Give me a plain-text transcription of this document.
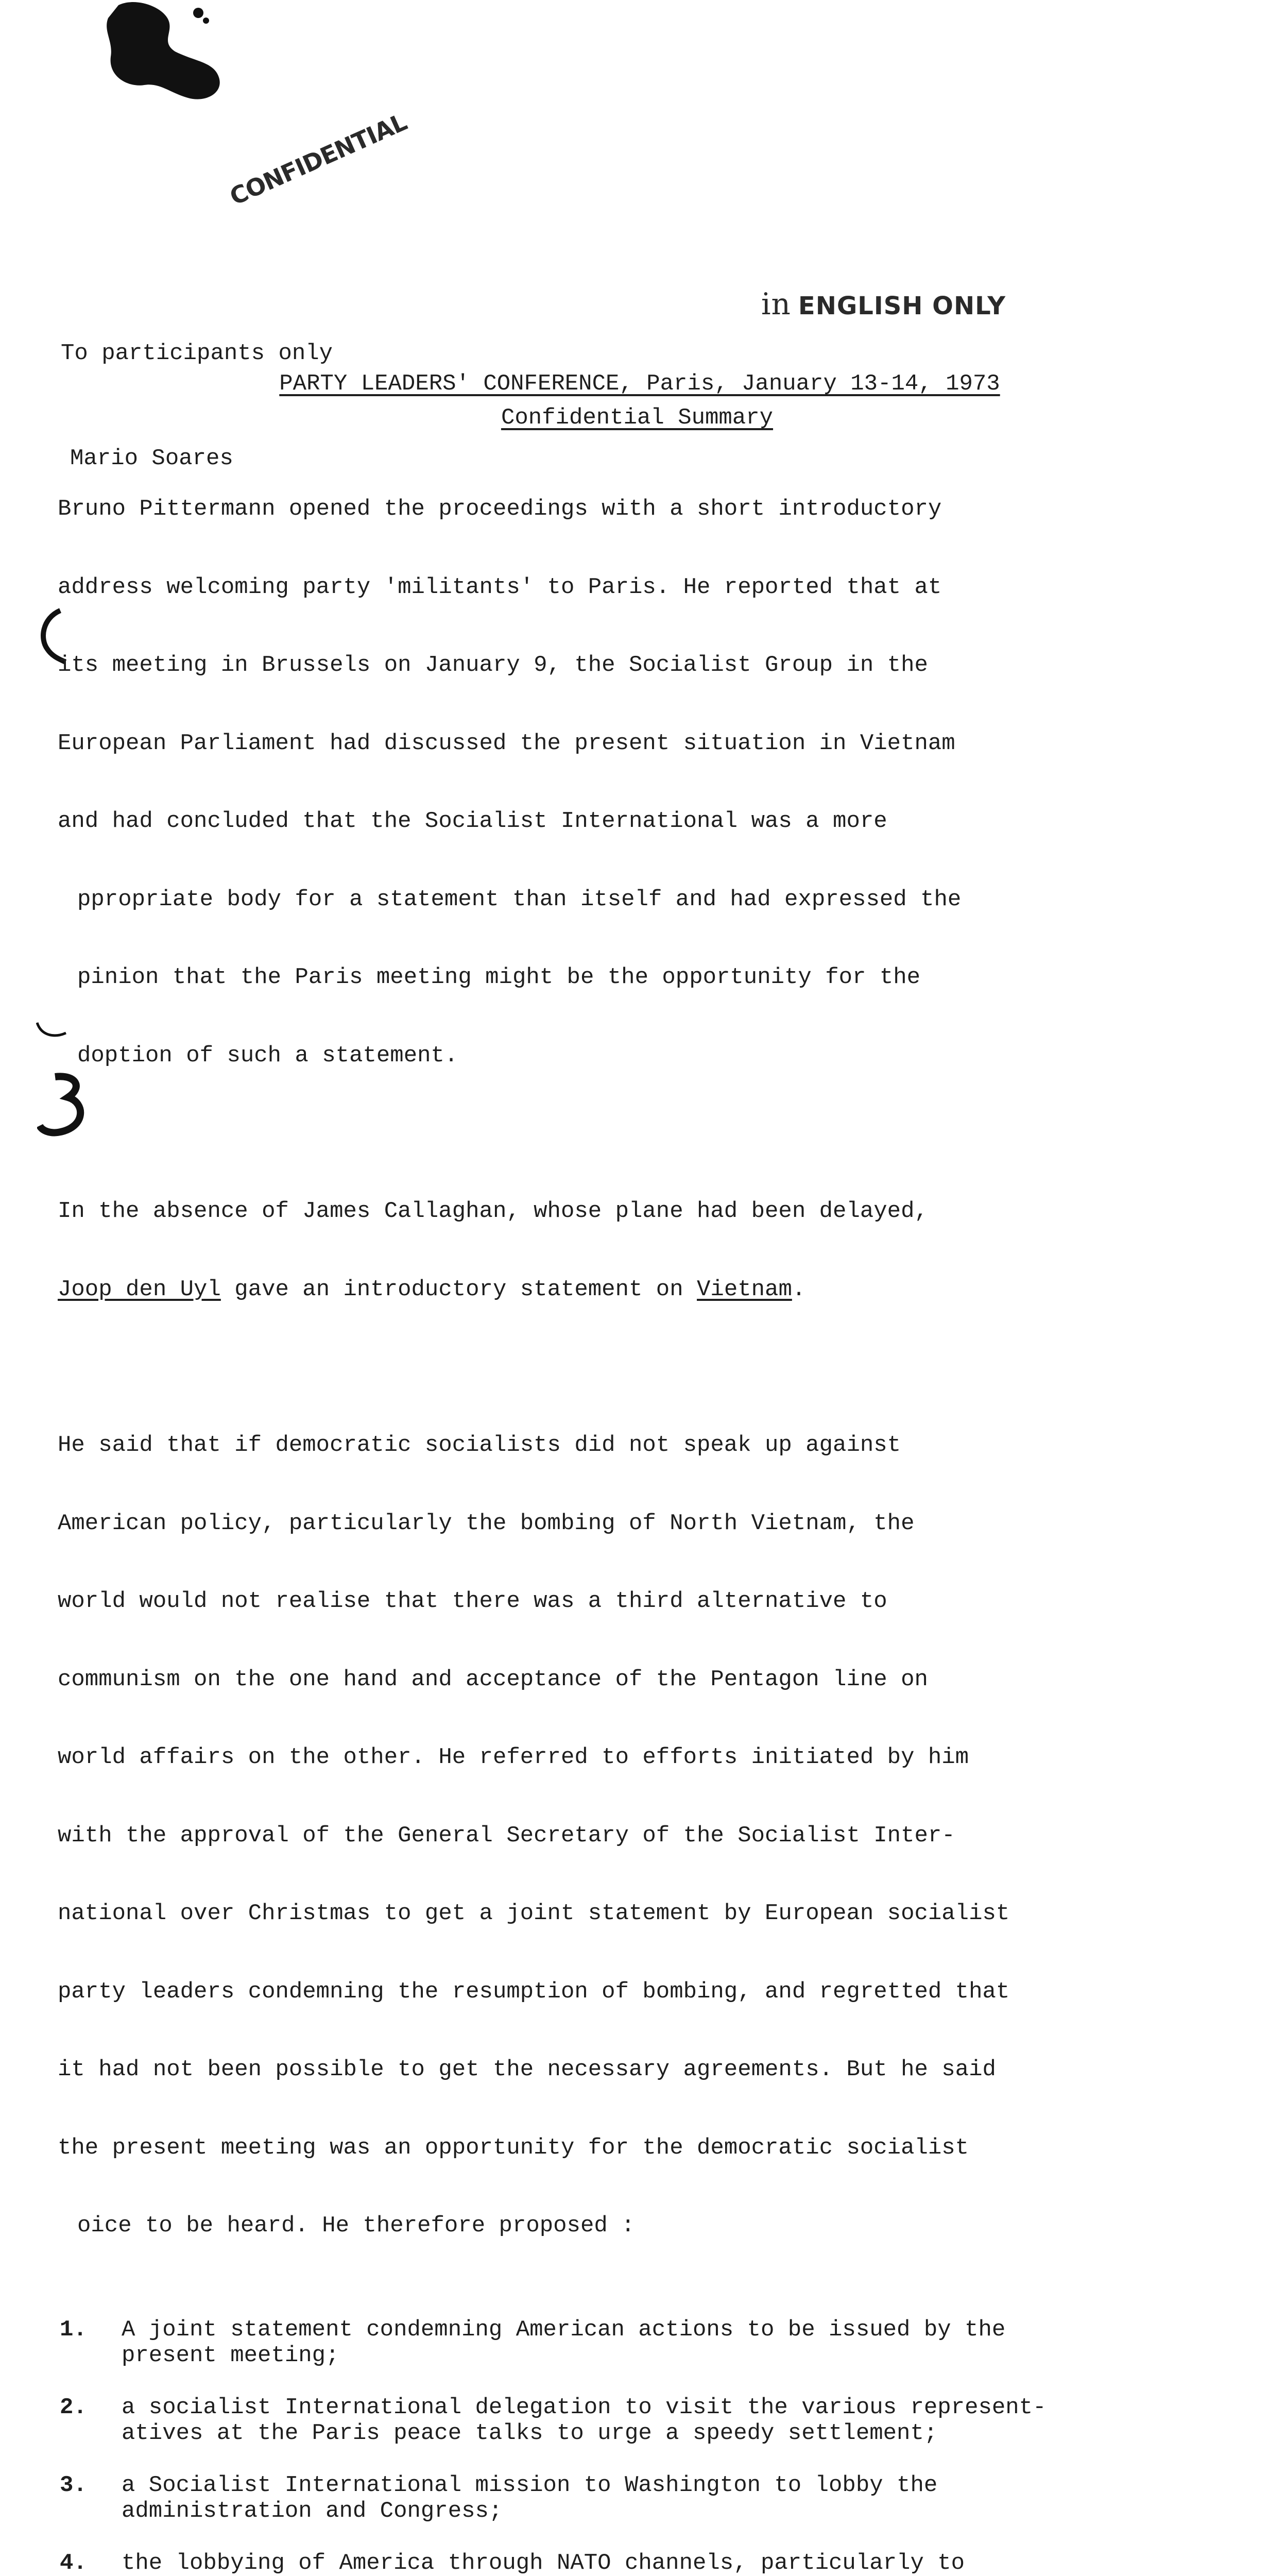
CONFIDENTIAL
in ENGLISH ONLY

To participants only

Mario Soares

PARTY LEADERS' CONFERENCE, Paris, January 13-14, 1973
Confidential Summary

Bruno Pittermann opened the proceedings with a short introductory

address welcoming party 'militants' to Paris. He reported that at

its meeting in Brussels on January 9, the Socialist Group in the

European Parliament had discussed the present situation in Vietnam

and had concluded that the Socialist International was a more

ppropriate body for a statement than itself and had expressed the

pinion that the Paris meeting might be the opportunity for the

doption of such a statement.

In the absence of James Callaghan, whose plane had been delayed,

Joop den Uyl gave an introductory statement on Vietnam.

He said that if democratic socialists did not speak up against

American policy, particularly the bombing of North Vietnam, the

world would not realise that there was a third alternative to

communism on the one hand and acceptance of the Pentagon line on

world affairs on the other. He referred to efforts initiated by him

with the approval of the General Secretary of the Socialist Inter-

national over Christmas to get a joint statement by European socialist

party leaders condemning the resumption of bombing, and regretted that

it had not been possible to get the necessary agreements. But he said

the present meeting was an opportunity for the democratic socialist

oice to be heard. He therefore proposed :

1.	A joint statement condemning American actions to be issued by the
present meeting;
2.	a socialist International delegation to visit the various represent-
atives at the Paris peace talks to urge a speedy settlement;
3.	a Socialist International mission to Washington to lobby the
administration and Congress;
4.	the lobbying of America through NATO channels, particularly to
